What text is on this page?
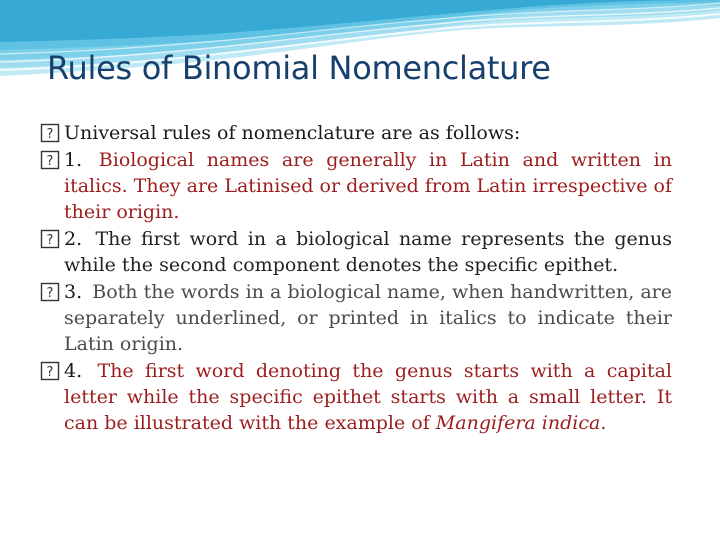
Rules of Binomial Nomenclature

? Universal rules of nomenclature are as follows:

? 1. Biological names are generally in Latin and written in italics. They are Latinised or derived from Latin irrespective of their origin.

? 2. The first word in a biological name represents the genus while the second component denotes the specific epithet.

? 3. Both the words in a biological name, when handwritten, are separately underlined, or printed in italics to indicate their Latin origin.

? 4. The first word denoting the genus starts with a capital letter while the specific epithet starts with a small letter. It can be illustrated with the example of Mangifera indica.
